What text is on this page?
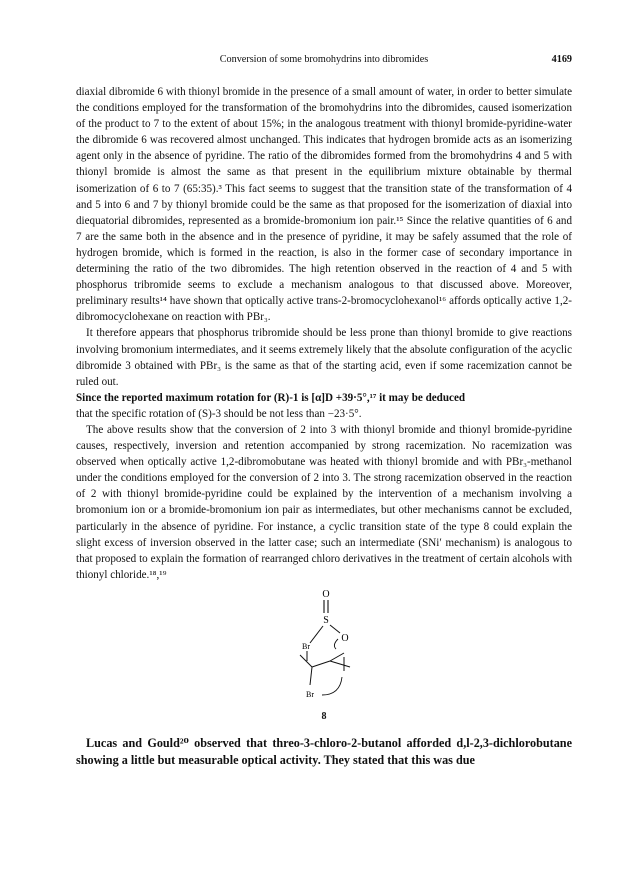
Conversion of some bromohydrins into dibromides	4169

diaxial dibromide 6 with thionyl bromide in the presence of a small amount of water, in order to better simulate the conditions employed for the transformation of the bromohydrins into the dibromides, caused isomerization of the product to 7 to the extent of about 15%; in the analogous treatment with thionyl bromide-pyridine-water the dibromide 6 was recovered almost unchanged. This indicates that hydrogen bromide acts as an isomerizing agent only in the absence of pyridine. The ratio of the dibromides formed from the bromohydrins 4 and 5 with thionyl bromide is almost the same as that present in the equilibrium mixture obtainable by thermal isomerization of 6 to 7 (65:35).³ This fact seems to suggest that the transition state of the transformation of 4 and 5 into 6 and 7 by thionyl bromide could be the same as that proposed for the isomerization of diaxial into diequatorial dibromides, represented as a bromide-bromonium ion pair.¹⁵ Since the relative quantities of 6 and 7 are the same both in the absence and in the presence of pyridine, it may be safely assumed that the role of hydrogen bromide, which is formed in the reaction, is also in the former case of secondary importance in determining the ratio of the two dibromides. The high retention observed in the reaction of 4 and 5 with phosphorus tribromide seems to exclude a mechanism analogous to that discussed above. Moreover, preliminary results¹⁴ have shown that optically active trans-2-bromocyclohexanol¹⁶ affords optically active 1,2-dibromocyclohexane on reaction with PBr₃.

It therefore appears that phosphorus tribromide should be less prone than thionyl bromide to give reactions involving bromonium intermediates, and it seems extremely likely that the absolute configuration of the acyclic dibromide 3 obtained with PBr₃ is the same as that of the starting acid, even if some racemization cannot be ruled out.

Since the reported maximum rotation for (R)-1 is [α]D +39·5°,¹⁷ it may be deduced

that the specific rotation of (S)-3 should be not less than −23·5°.

The above results show that the conversion of 2 into 3 with thionyl bromide and thionyl bromide-pyridine causes, respectively, inversion and retention accompanied by strong racemization. No racemization was observed when optically active 1,2-dibromobutane was heated with thionyl bromide and with PBr₃-methanol under the conditions employed for the conversion of 2 into 3. The strong racemization observed in the reaction of 2 with thionyl bromide-pyridine could be explained by the intervention of a mechanism involving a bromonium ion or a bromide-bromonium ion pair as intermediates, but other mechanisms cannot be excluded, particularly in the absence of pyridine. For instance, a cyclic transition state of the type 8 could explain the slight excess of inversion observed in the latter case; such an intermediate (SNi′ mechanism) is analogous to that proposed to explain the formation of rearranged chloro derivatives in the treatment of certain alcohols with thionyl chloride.¹⁸,¹⁹

O
S
O
Br
Br
8

Lucas and Gould²⁰ observed that threo-3-chloro-2-butanol afforded d,l-2,3-dichlorobutane showing a little but measurable optical activity. They stated that this was due
